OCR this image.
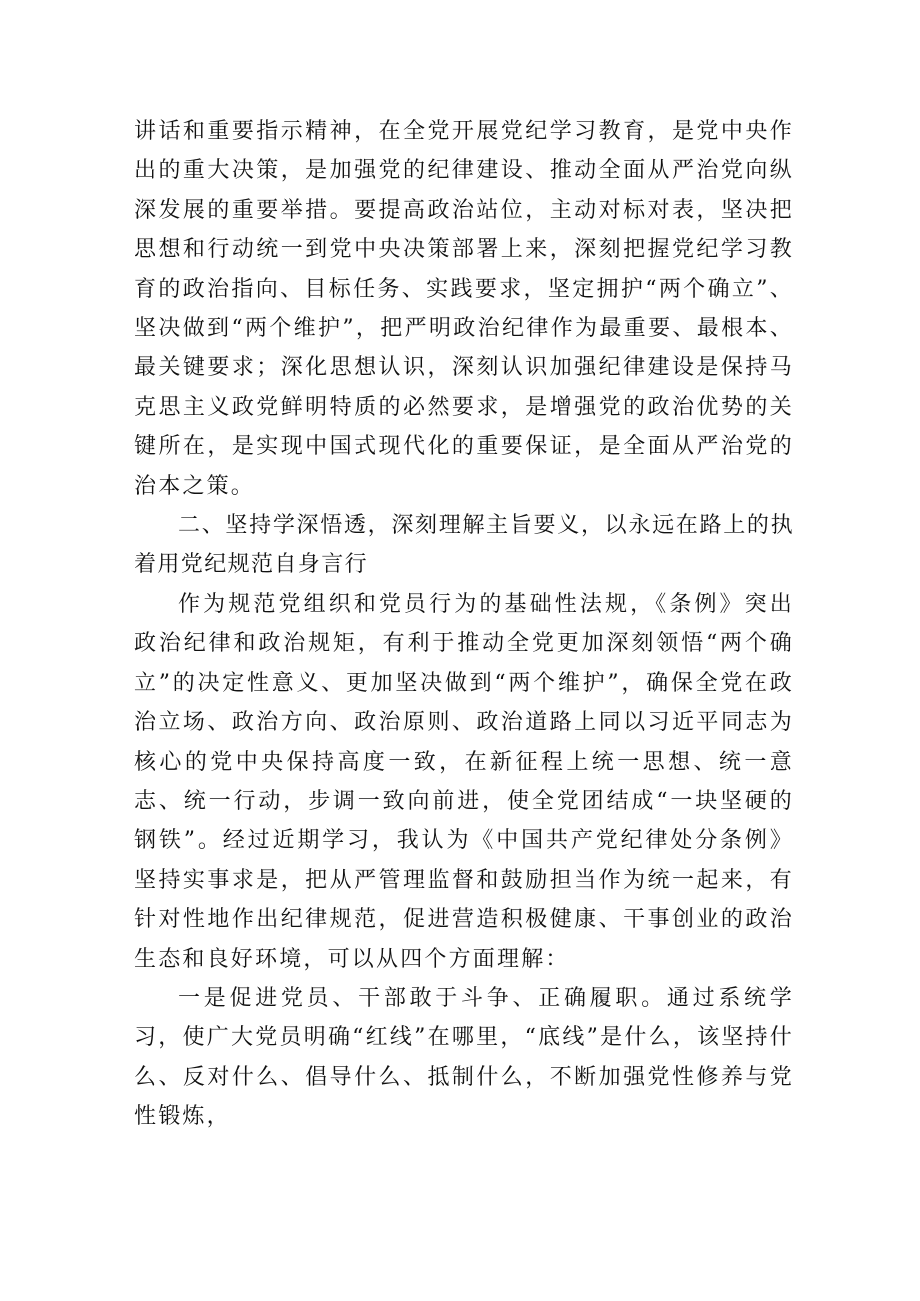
讲话和重要指示精神，在全党开展党纪学习教育，是党中央作出的重大决策，是加强党的纪律建设、推动全面从严治党向纵深发展的重要举措。要提高政治站位，主动对标对表，坚决把思想和行动统一到党中央决策部署上来，深刻把握党纪学习教育的政治指向、目标任务、实践要求，坚定拥护“两个确立”、坚决做到“两个维护”，把严明政治纪律作为最重要、最根本、最关键要求；深化思想认识，深刻认识加强纪律建设是保持马克思主义政党鲜明特质的必然要求，是增强党的政治优势的关键所在，是实现中国式现代化的重要保证，是全面从严治党的治本之策。

二、坚持学深悟透，深刻理解主旨要义，以永远在路上的执着用党纪规范自身言行

作为规范党组织和党员行为的基础性法规，《条例》突出政治纪律和政治规矩，有利于推动全党更加深刻领悟“两个确立”的决定性意义、更加坚决做到“两个维护”，确保全党在政治立场、政治方向、政治原则、政治道路上同以习近平同志为核心的党中央保持高度一致，在新征程上统一思想、统一意志、统一行动，步调一致向前进，使全党团结成“一块坚硬的钢铁”。经过近期学习，我认为《中国共产党纪律处分条例》坚持实事求是，把从严管理监督和鼓励担当作为统一起来，有针对性地作出纪律规范，促进营造积极健康、干事创业的政治生态和良好环境，可以从四个方面理解：

一是促进党员、干部敢于斗争、正确履职。通过系统学习，使广大党员明确“红线”在哪里，“底线”是什么，该坚持什么、反对什么、倡导什么、抵制什么，不断加强党性修养与党性锻炼，
